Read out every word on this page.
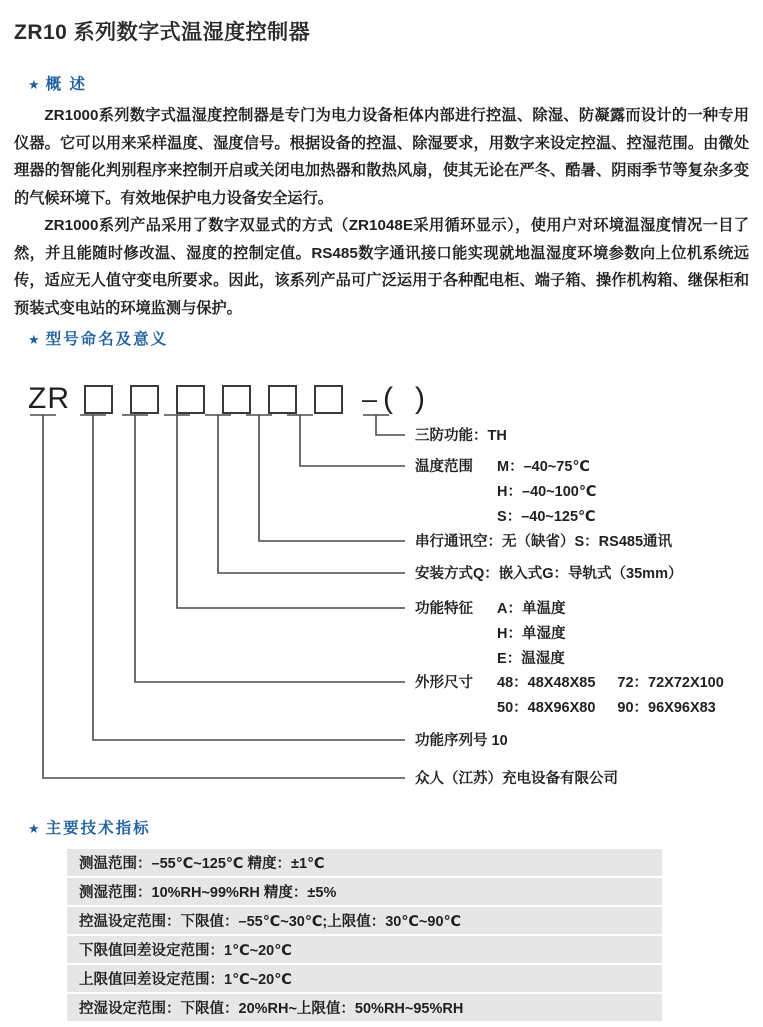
ZR10 系列数字式温湿度控制器
★ 概 述
ZR1000系列数字式温湿度控制器是专门为电力设备柜体内部进行控温、除湿、防凝露而设计的一种专用仪器。它可以用来采样温度、湿度信号。根据设备的控温、除湿要求，用数字来设定控温、控湿范围。由微处理器的智能化判别程序来控制开启或关闭电加热器和散热风扇，使其无论在严冬、酷暑、阴雨季节等复杂多变的气候环境下。有效地保护电力设备安全运行。
ZR1000系列产品采用了数字双显式的方式（ZR1048E采用循环显示），使用户对环境温湿度情况一目了然，并且能随时修改温、湿度的控制定值。RS485数字通讯接口能实现就地温湿度环境参数向上位机系统远传，适应无人值守变电所要求。因此，该系列产品可广泛运用于各种配电柜、端子箱、操作机构箱、继保柜和预装式变电站的环境监测与保护。
★ 型号命名及意义
ZR	– ()
三防功能：TH
温度范围 M：–40~75℃
H：–40~100℃
S：–40~125℃
串行通讯空：无（缺省）S：RS485通讯
安装方式Q：嵌入式G：导轨式（35mm）
功能特征 A：单温度
H：单湿度
E：温湿度
外形尺寸 48：48X48X85
50：48X96X8072：72X72X100
90：96X96X83
功能序列号 10
众人（江苏）充电设备有限公司
★ 主要技术指标
测温范围：–55℃~125℃ 精度：±1℃
测湿范围：10%RH~99%RH 精度：±5%
控温设定范围：下限值：–55℃~30℃;上限值：30℃~90℃
下限值回差设定范围：1℃~20℃
上限值回差设定范围：1℃~20℃
控湿设定范围：下限值：20%RH~上限值：50%RH~95%RH
